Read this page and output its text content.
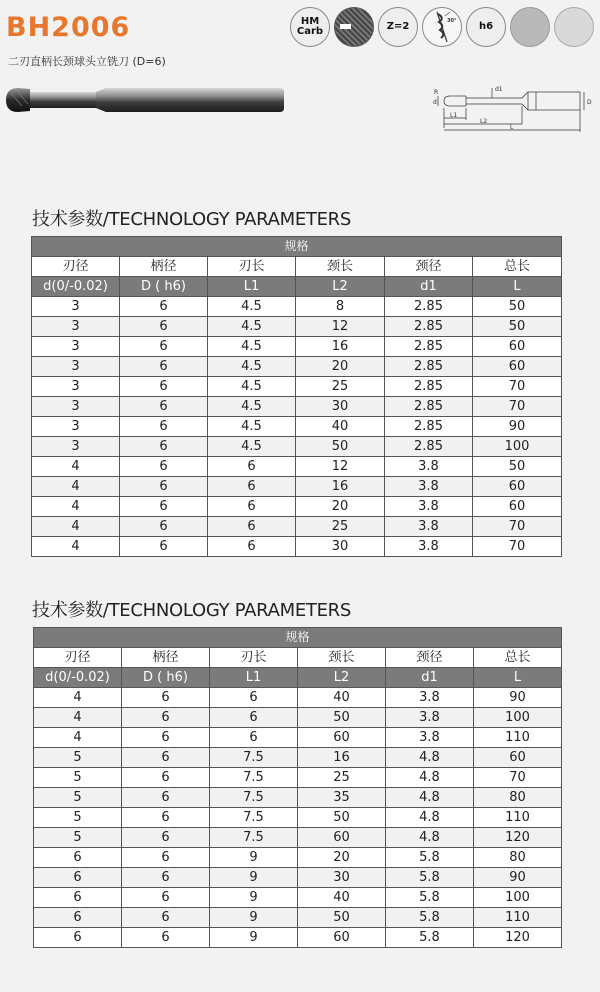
BH2006
二刃直柄长颈球头立铣刀 (D=6)
HM
Carb	Z=2	30°	h6
R
d
d1
L1
L2
L
D
技术参数/TECHNOLOGY PARAMETERS
规格					
刃径	柄径	刃长	颈长	颈径	总长
d(0/-0.02)	D ( h6)	L1	L2	d1	L
3	6	4.5	8	2.85	50
3	6	4.5	12	2.85	50
3	6	4.5	16	2.85	60
3	6	4.5	20	2.85	60
3	6	4.5	25	2.85	70
3	6	4.5	30	2.85	70
3	6	4.5	40	2.85	90
3	6	4.5	50	2.85	100
4	6	6	12	3.8	50
4	6	6	16	3.8	60
4	6	6	20	3.8	60
4	6	6	25	3.8	70
4	6	6	30	3.8	70
技术参数/TECHNOLOGY PARAMETERS
规格					
刃径	柄径	刃长	颈长	颈径	总长
d(0/-0.02)	D ( h6)	L1	L2	d1	L
4	6	6	40	3.8	90
4	6	6	50	3.8	100
4	6	6	60	3.8	110
5	6	7.5	16	4.8	60
5	6	7.5	25	4.8	70
5	6	7.5	35	4.8	80
5	6	7.5	50	4.8	110
5	6	7.5	60	4.8	120
6	6	9	20	5.8	80
6	6	9	30	5.8	90
6	6	9	40	5.8	100
6	6	9	50	5.8	110
6	6	9	60	5.8	120
